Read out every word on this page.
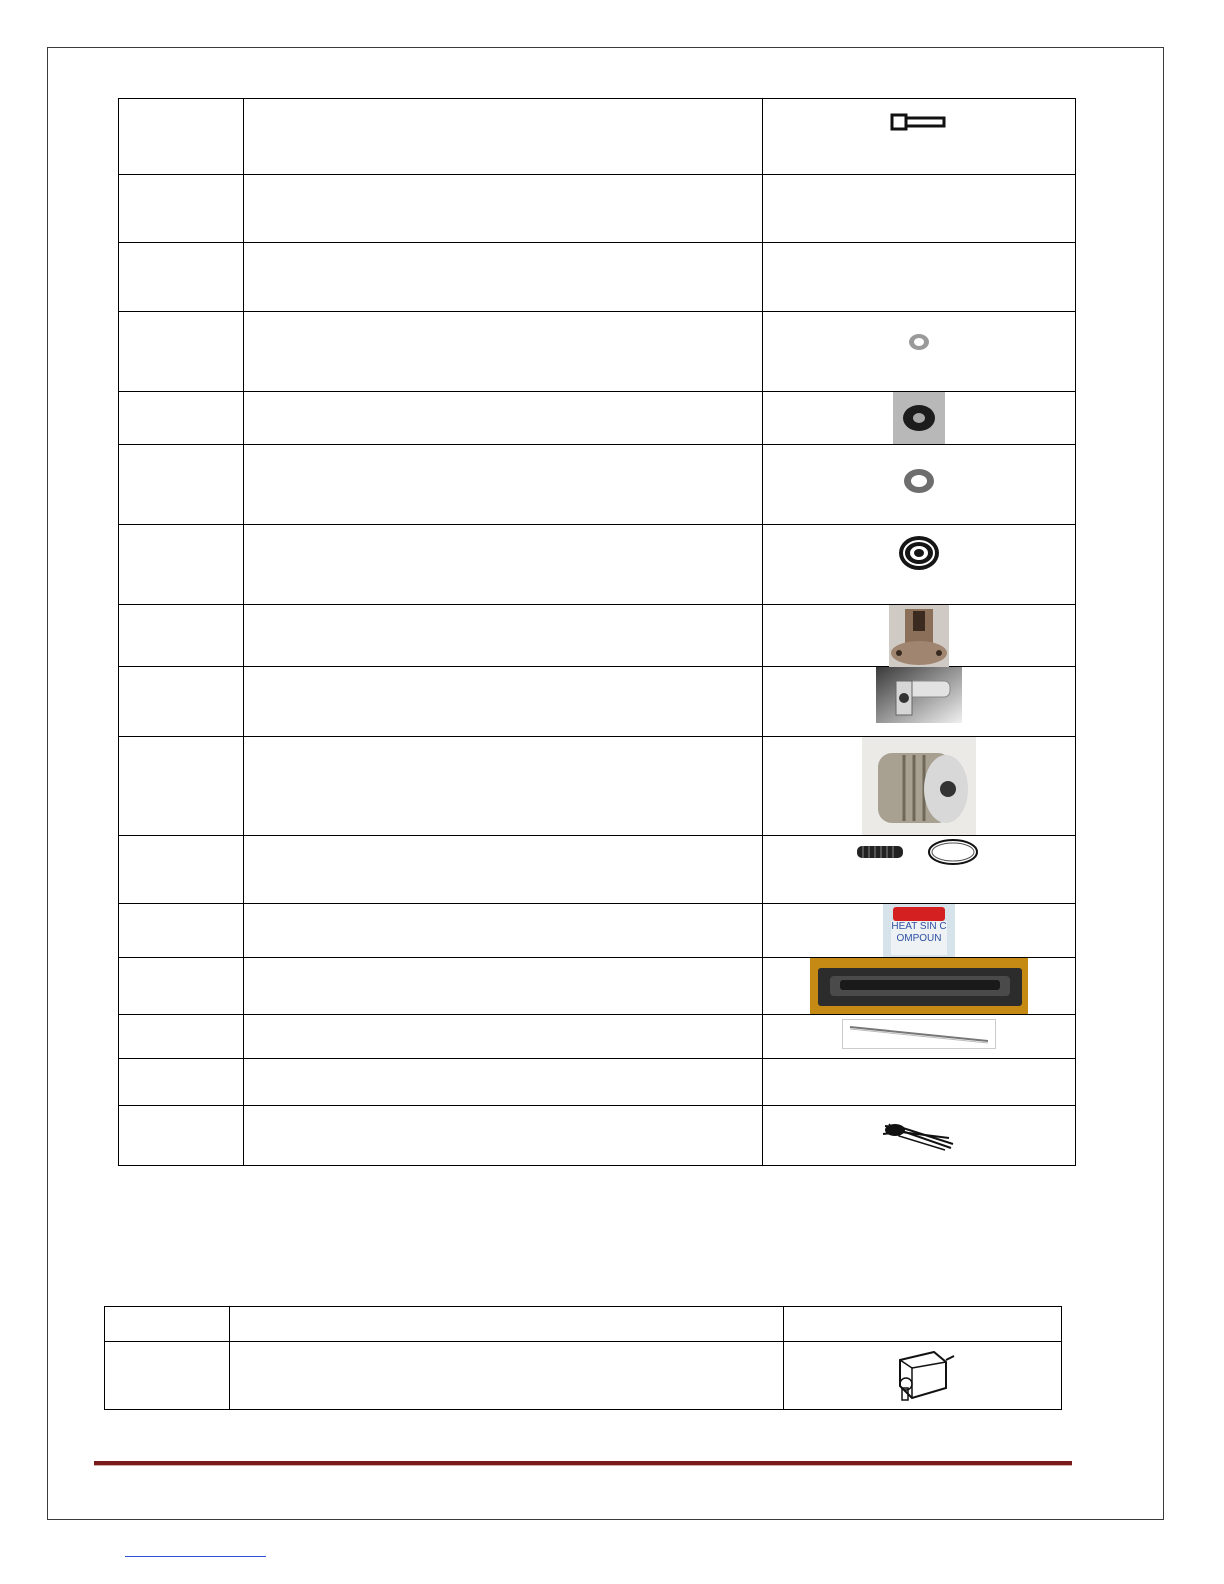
		HEAT SIN COMPOUN
